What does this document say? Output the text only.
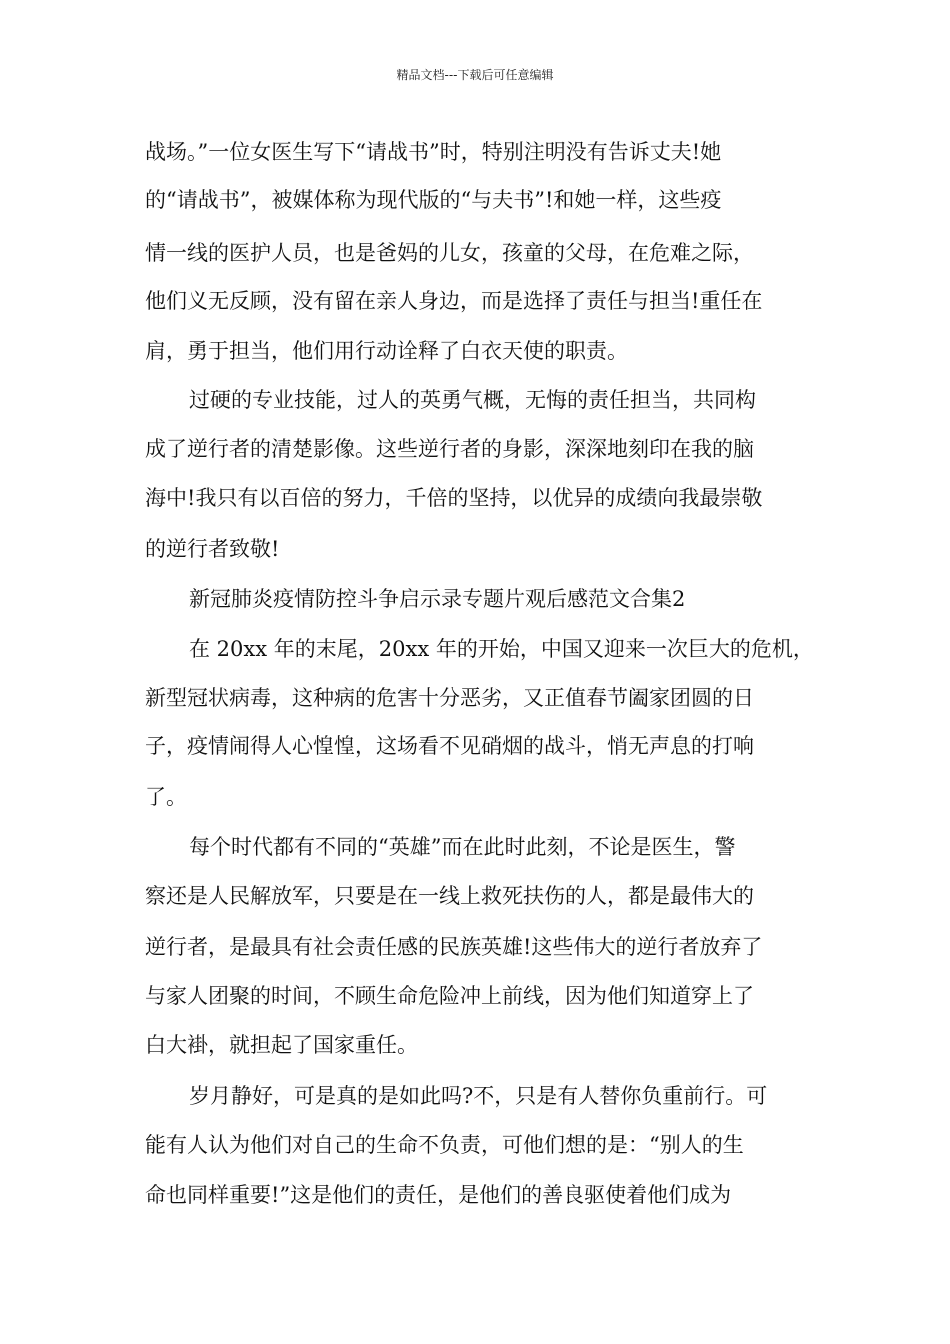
精品文档---下载后可任意编辑
战场。”一位女医生写下“请战书”时，特别注明没有告诉丈夫!她
的“请战书”，被媒体称为现代版的“与夫书”!和她一样，这些疫
情一线的医护人员，也是爸妈的儿女，孩童的父母，在危难之际，
他们义无反顾，没有留在亲人身边，而是选择了责任与担当!重任在
肩，勇于担当，他们用行动诠释了白衣天使的职责。
过硬的专业技能，过人的英勇气概，无悔的责任担当，共同构
成了逆行者的清楚影像。这些逆行者的身影，深深地刻印在我的脑
海中!我只有以百倍的努力，千倍的坚持，以优异的成绩向我最崇敬
的逆行者致敬!
新冠肺炎疫情防控斗争启示录专题片观后感范文合集2
在 20xx 年的末尾，20xx 年的开始，中国又迎来一次巨大的危机，
新型冠状病毒，这种病的危害十分恶劣，又正值春节阖家团圆的日
子，疫情闹得人心惶惶，这场看不见硝烟的战斗，悄无声息的打响
了。
每个时代都有不同的“英雄”而在此时此刻，不论是医生，警
察还是人民解放军，只要是在一线上救死扶伤的人，都是最伟大的
逆行者，是最具有社会责任感的民族英雄!这些伟大的逆行者放弃了
与家人团聚的时间，不顾生命危险冲上前线，因为他们知道穿上了
白大褂，就担起了国家重任。
岁月静好，可是真的是如此吗?不，只是有人替你负重前行。可
能有人认为他们对自己的生命不负责，可他们想的是：“别人的生
命也同样重要!”这是他们的责任，是他们的善良驱使着他们成为
